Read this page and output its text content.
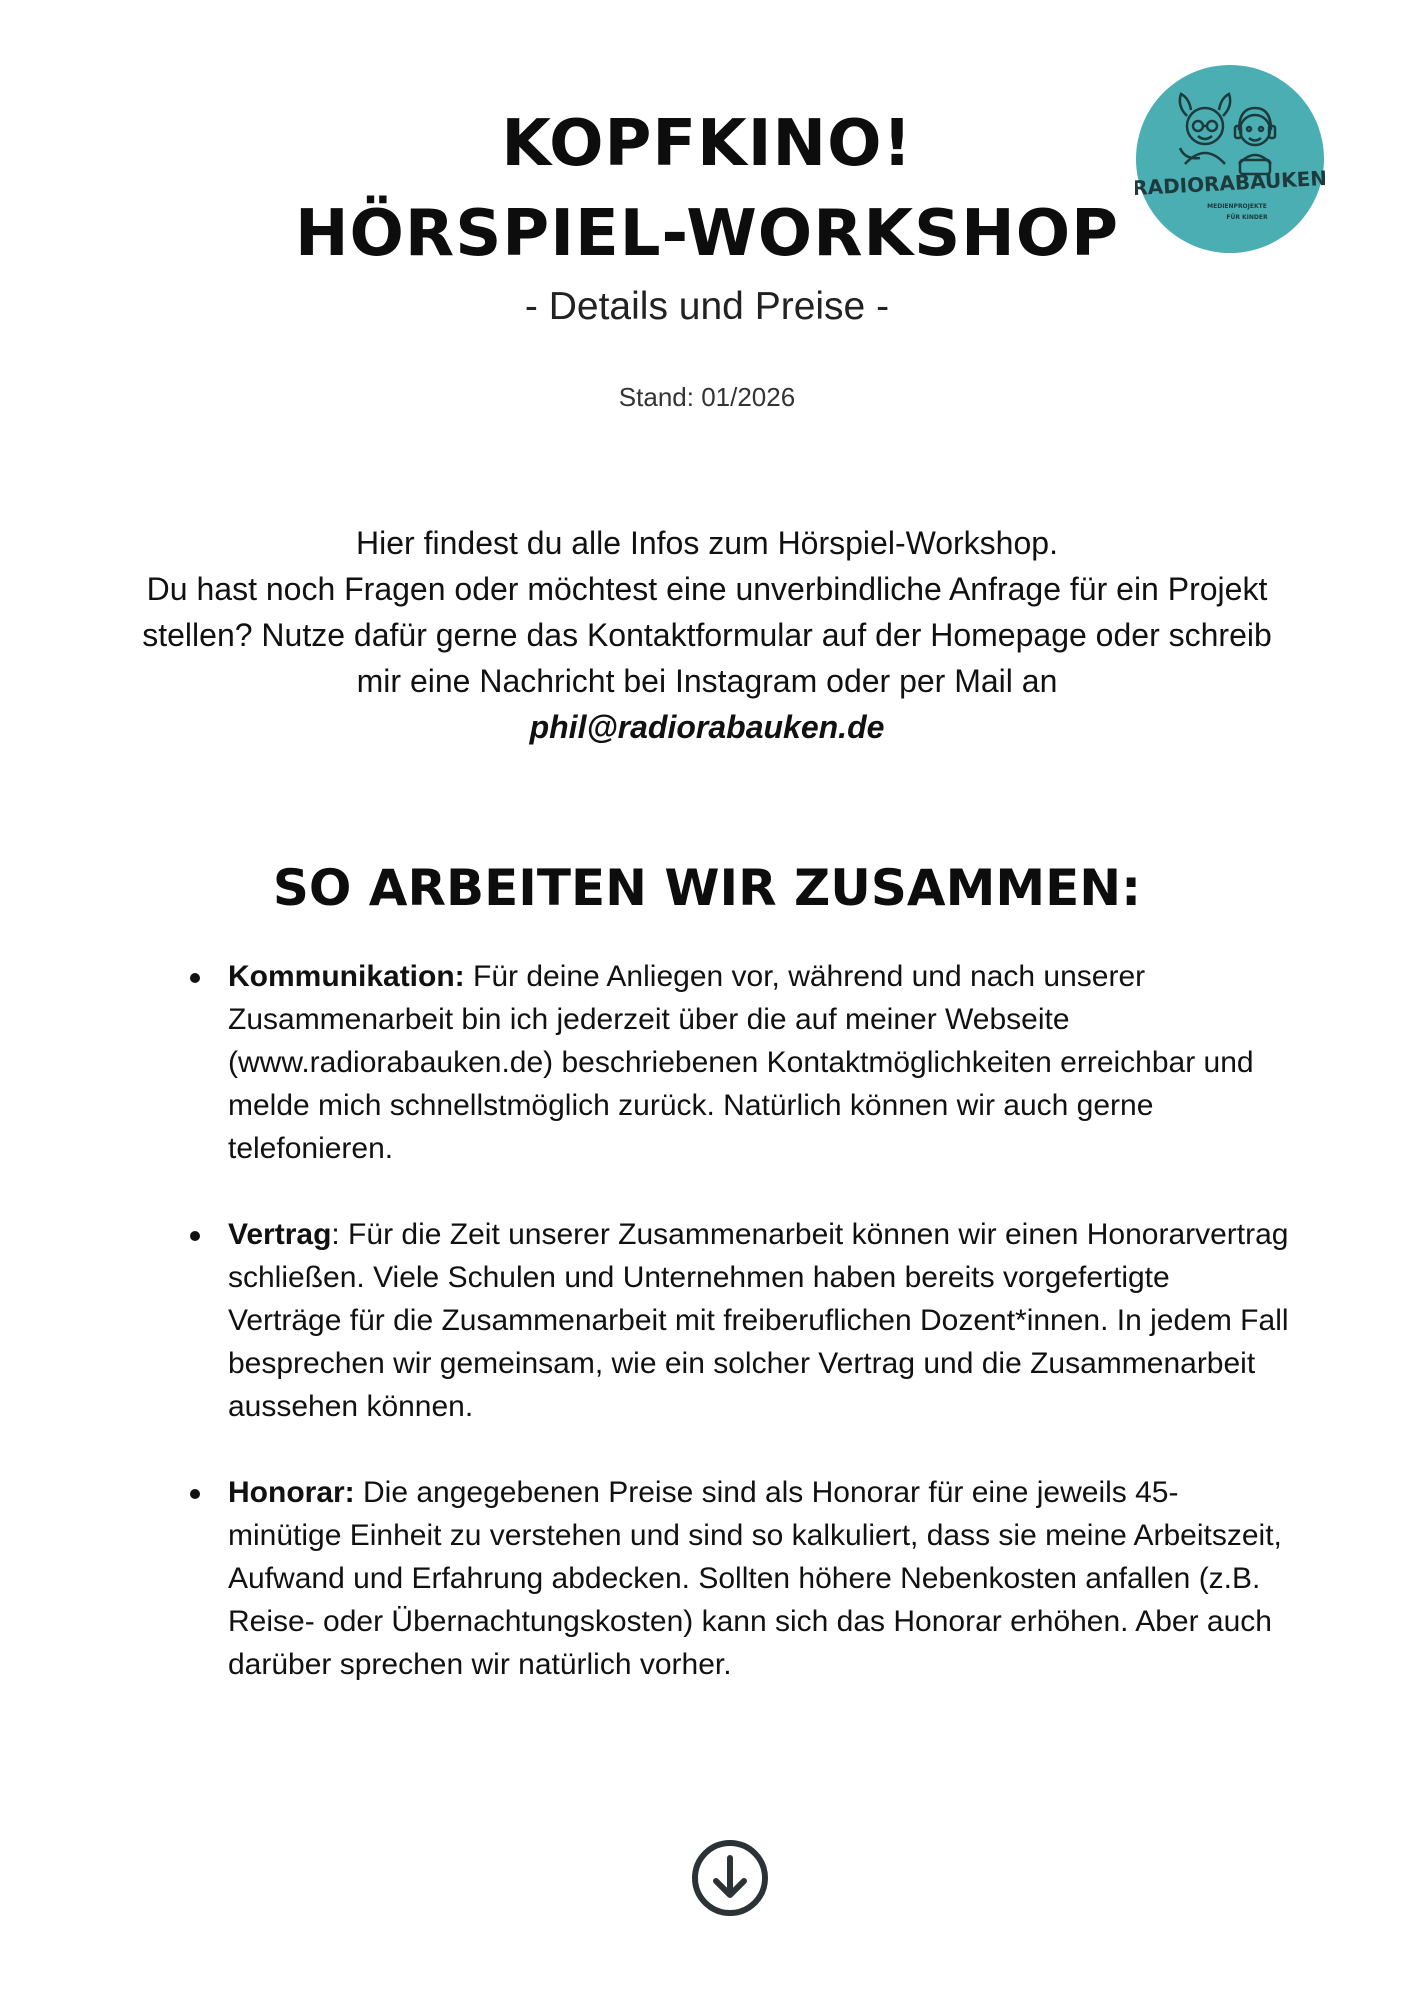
KOPFKINO!
HÖRSPIEL-WORKSHOP
- Details und Preise -
Stand: 01/2026
RADIORABAUKEN
MEDIENPROJEKTE
FÜR KINDER

Hier findest du alle Infos zum Hörspiel-Workshop.

Du hast noch Fragen oder möchtest eine unverbindliche Anfrage für ein Projekt stellen? Nutze dafür gerne das Kontaktformular auf der Homepage oder schreib mir eine Nachricht bei Instagram oder per Mail an

phil@radiorabauken.de

SO ARBEITEN WIR ZUSAMMEN:
Kommunikation: Für deine Anliegen vor, während und nach unserer Zusammenarbeit bin ich jederzeit über die auf meiner Webseite (www.radiorabauken.de) beschriebenen Kontaktmöglichkeiten erreichbar und melde mich schnellstmöglich zurück. Natürlich können wir auch gerne telefonieren.
Vertrag: Für die Zeit unserer Zusammenarbeit können wir einen Honorarvertrag schließen. Viele Schulen und Unternehmen haben bereits vorgefertigte Verträge für die Zusammenarbeit mit freiberuflichen Dozent*innen. In jedem Fall besprechen wir gemeinsam, wie ein solcher Vertrag und die Zusammenarbeit aussehen können.
Honorar: Die angegebenen Preise sind als Honorar für eine jeweils 45-minütige Einheit zu verstehen und sind so kalkuliert, dass sie meine Arbeitszeit, Aufwand und Erfahrung abdecken. Sollten höhere Nebenkosten anfallen (z.B. Reise- oder Übernachtungskosten) kann sich das Honorar erhöhen. Aber auch darüber sprechen wir natürlich vorher.
